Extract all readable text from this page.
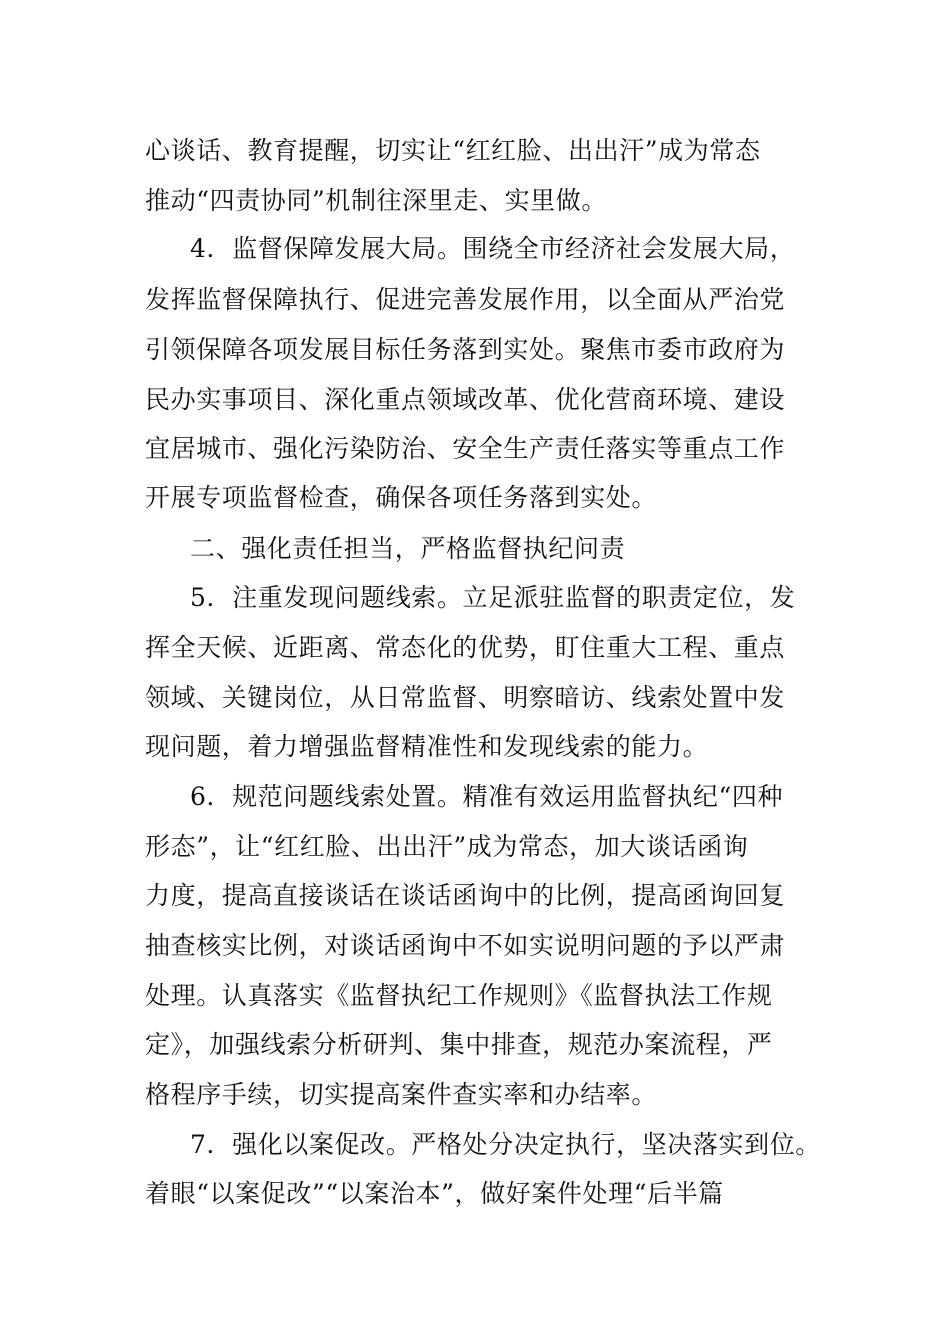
心谈话、教育提醒，切实让“红红脸、出出汗”成为常态
推动“四责协同”机制往深里走、实里做。
4．监督保障发展大局。围绕全市经济社会发展大局，
发挥监督保障执行、促进完善发展作用，以全面从严治党
引领保障各项发展目标任务落到实处。聚焦市委市政府为
民办实事项目、深化重点领域改革、优化营商环境、建设
宜居城市、强化污染防治、安全生产责任落实等重点工作
开展专项监督检查，确保各项任务落到实处。
二、强化责任担当，严格监督执纪问责
5．注重发现问题线索。立足派驻监督的职责定位，发
挥全天候、近距离、常态化的优势，盯住重大工程、重点
领域、关键岗位，从日常监督、明察暗访、线索处置中发
现问题，着力增强监督精准性和发现线索的能力。
6．规范问题线索处置。精准有效运用监督执纪“四种
形态”，让“红红脸、出出汗”成为常态，加大谈话函询
力度，提高直接谈话在谈话函询中的比例，提高函询回复
抽查核实比例，对谈话函询中不如实说明问题的予以严肃
处理。认真落实《监督执纪工作规则》《监督执法工作规
定》，加强线索分析研判、集中排查，规范办案流程，严
格程序手续，切实提高案件查实率和办结率。
7．强化以案促改。严格处分决定执行，坚决落实到位。
着眼“以案促改”“以案治本”，做好案件处理“后半篇
